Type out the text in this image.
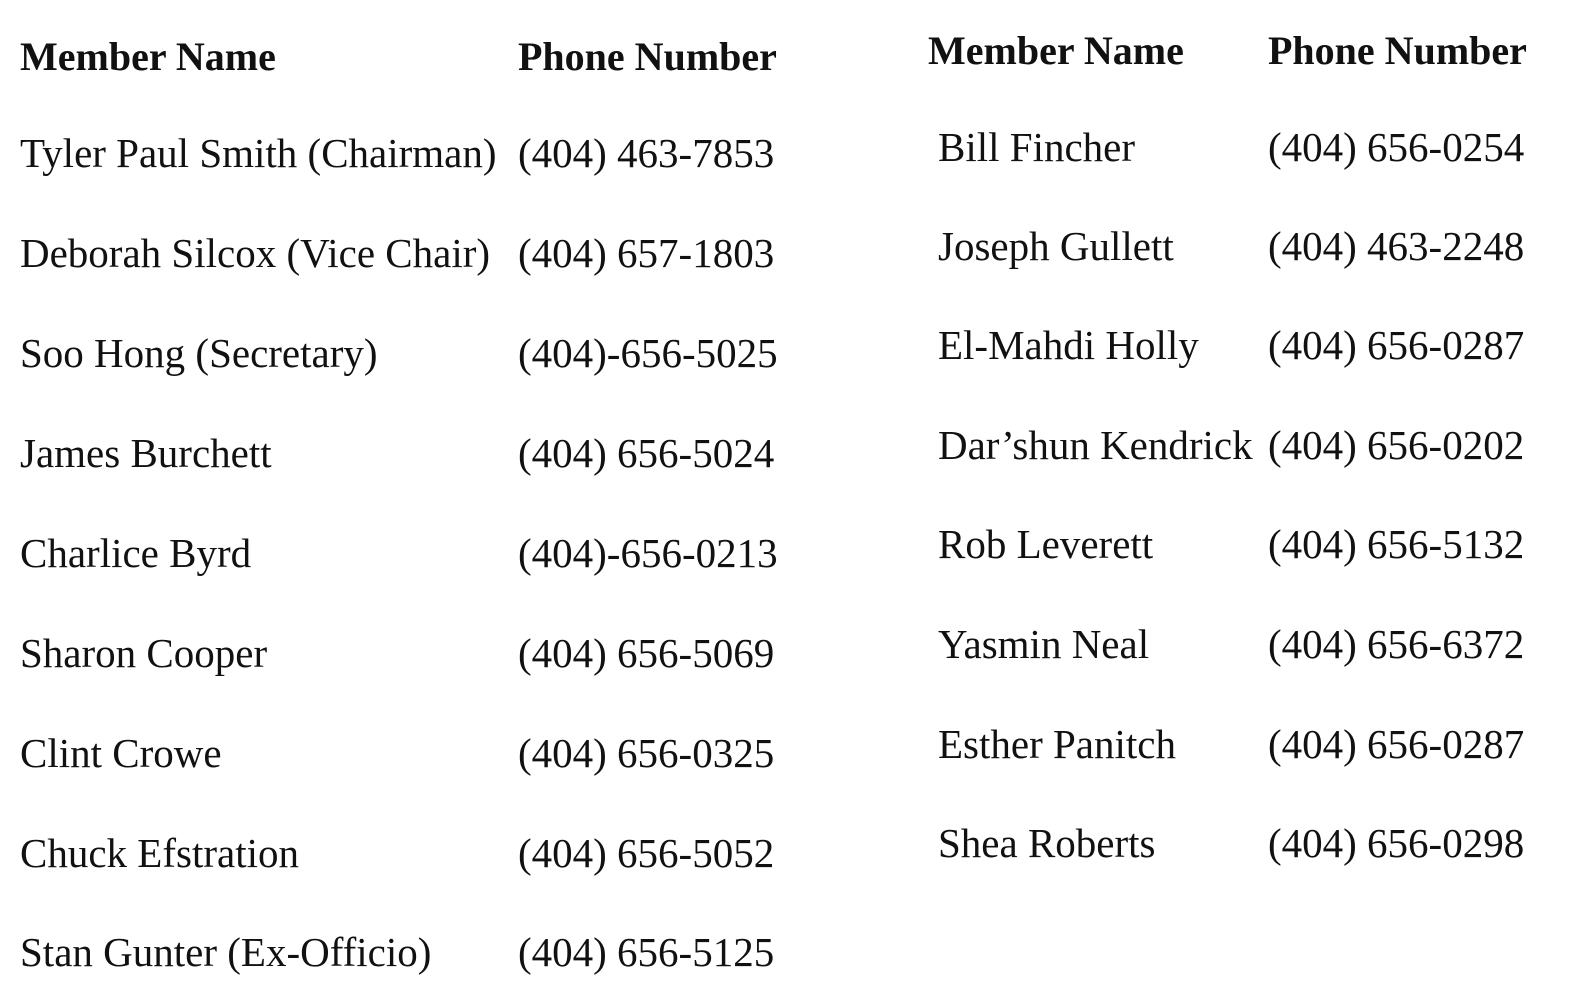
Member Name	Phone Number
Tyler Paul Smith (Chairman) (404) 463-7853
Deborah Silcox (Vice Chair) (404) 657-1803
Soo Hong (Secretary)	(404)-656-5025
James Burchett	(404) 656-5024
Charlice Byrd	(404)-656-0213
Sharon Cooper	(404) 656-5069
Clint Crowe	(404) 656-0325
Chuck Efstration	(404) 656-5052
Stan Gunter (Ex-Officio) (404) 656-5125
Member Name Phone Number
Bill Fincher	(404) 656-0254
Joseph Gullett (404) 463-2248
El-Mahdi Holly (404) 656-0287
Dar’shun Kendrick (404) 656-0202
Rob Leverett	(404) 656-5132
Yasmin Neal	(404) 656-6372
Esther Panitch (404) 656-0287
Shea Roberts	(404) 656-0298
